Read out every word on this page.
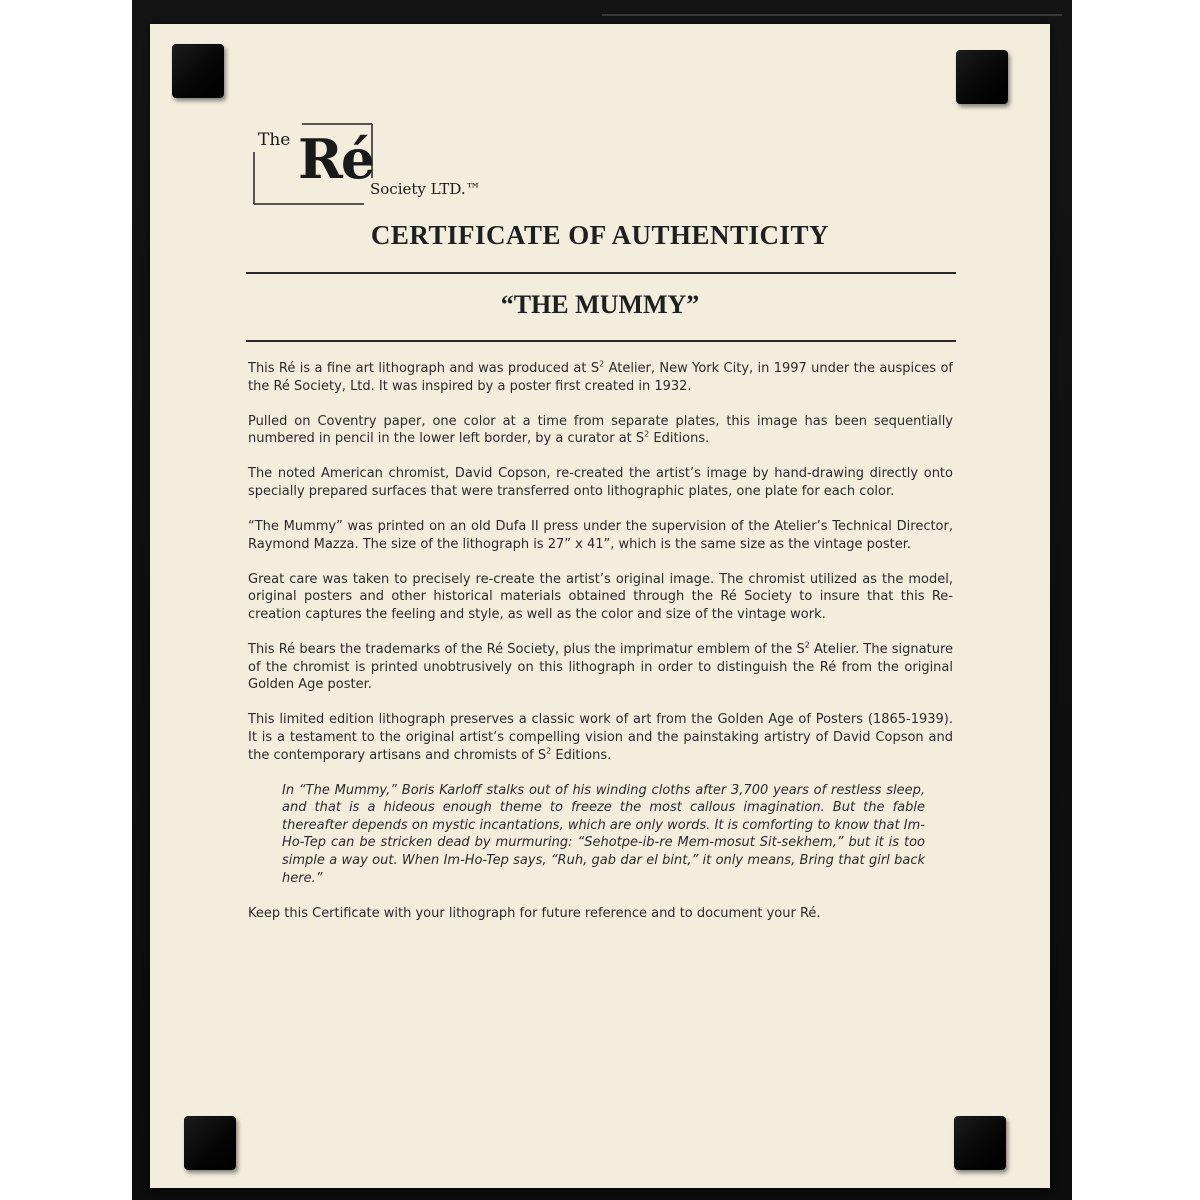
The Ré
Society LTD.™
CERTIFICATE OF AUTHENTICITY
“THE MUMMY”

This Ré is a fine art lithograph and was produced at $S^2$ Atelier, New York City, in 1997 under the auspices of the Ré Society, Ltd. It was inspired by a poster first created in 1932.

Pulled on Coventry paper, one color at a time from separate plates, this image has been sequentially numbered in pencil in the lower left border, by a curator at $S^2$ Editions.

The noted American chromist, David Copson, re-created the artist’s image by hand-drawing directly onto specially prepared surfaces that were transferred onto lithographic plates, one plate for each color.

“The Mummy” was printed on an old Dufa II press under the supervision of the Atelier’s Technical Director, Raymond Mazza. The size of the lithograph is 27” x 41”, which is the same size as the vintage poster.

Great care was taken to precisely re-create the artist’s original image. The chromist utilized as the model, original posters and other historical materials obtained through the Ré Society to insure that this Re-creation captures the feeling and style, as well as the color and size of the vintage work.

This Ré bears the trademarks of the Ré Society, plus the imprimatur emblem of the $S^2$ Atelier. The signature of the chromist is printed unobtrusively on this lithograph in order to distinguish the Ré from the original Golden Age poster.

This limited edition lithograph preserves a classic work of art from the Golden Age of Posters (1865-1939). It is a testament to the original artist’s compelling vision and the painstaking artistry of David Copson and the contemporary artisans and chromists of $S^2$ Editions.

In “The Mummy,” Boris Karloff stalks out of his winding cloths after 3,700 years of restless sleep, and that is a hideous enough theme to freeze the most callous imagination. But the fable thereafter depends on mystic incantations, which are only words. It is comforting to know that Im-Ho-Tep can be stricken dead by murmuring: “Sehotpe-ib-re Mem-mosut Sit-sekhem,” but it is too simple a way out. When Im-Ho-Tep says, “Ruh, gab dar el bint,” it only means, Bring that girl back here.”

Keep this Certificate with your lithograph for future reference and to document your Ré.
